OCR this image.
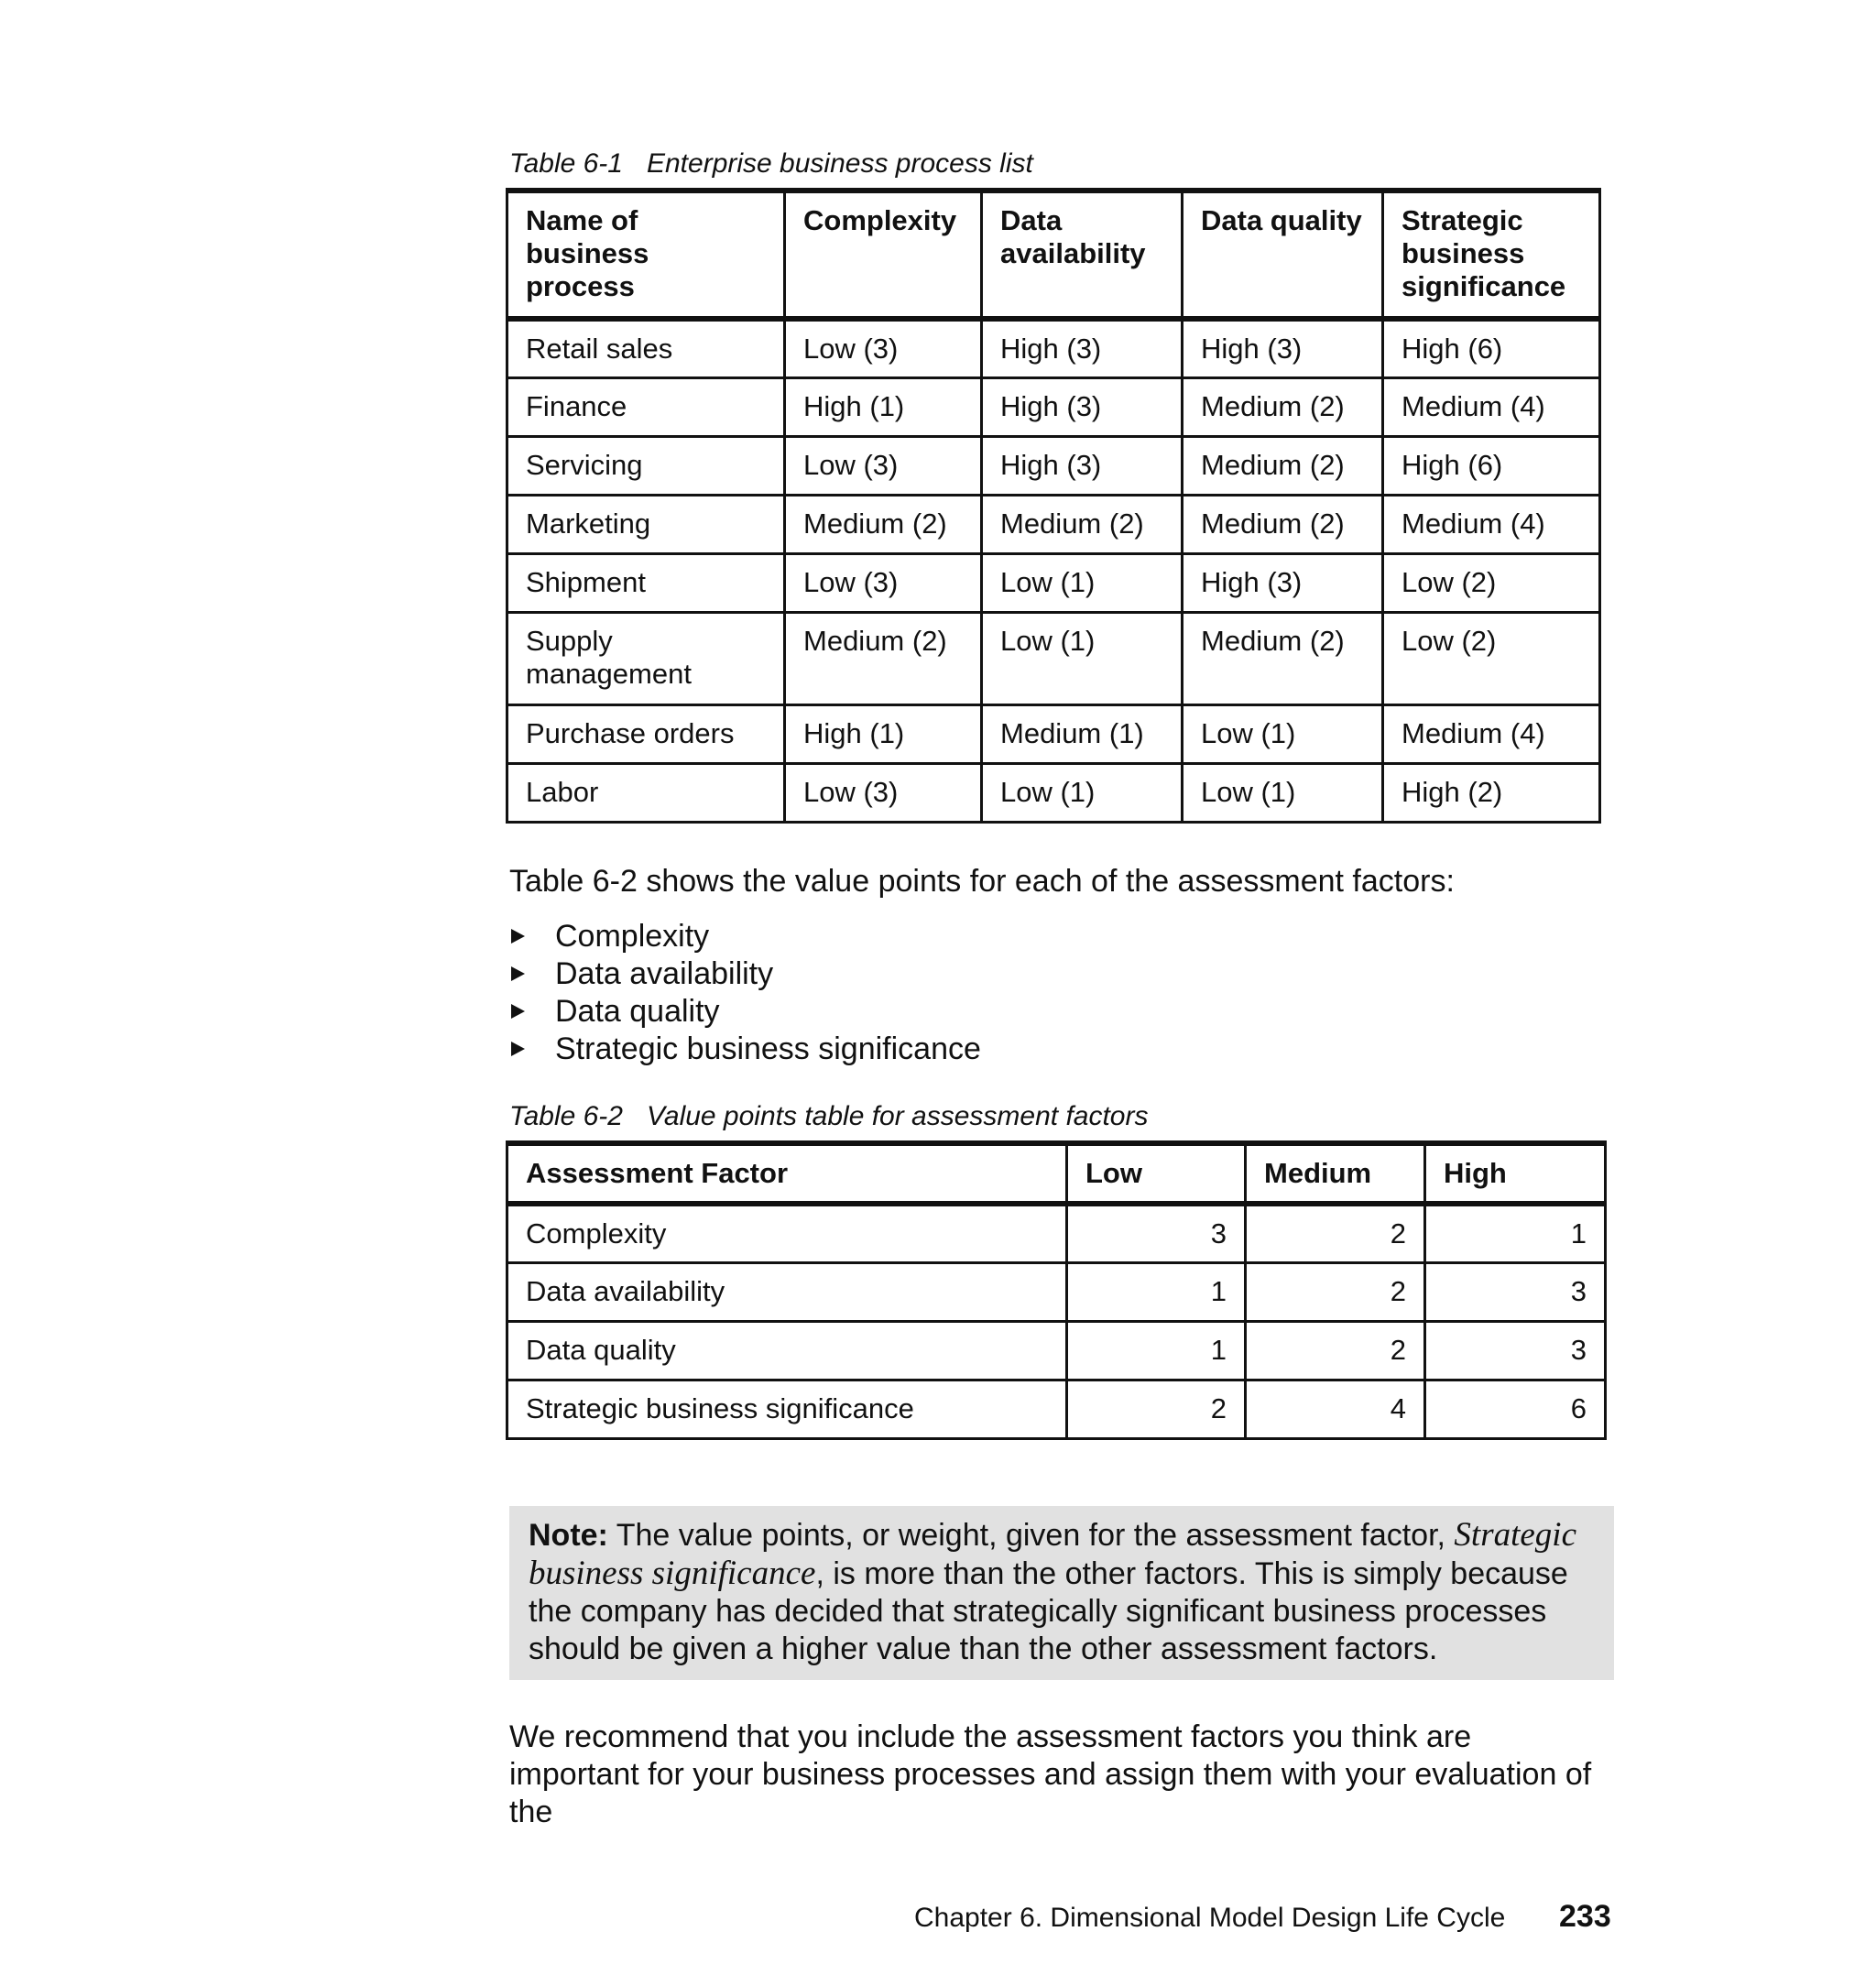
Table 6-1 Enterprise business process list
Name of business process	Complexity	Data availability	Data quality	Strategic business significance
Retail sales	Low (3)	High (3)	High (3)	High (6)
Finance	High (1)	High (3)	Medium (2)	Medium (4)
Servicing	Low (3)	High (3)	Medium (2)	High (6)
Marketing	Medium (2)	Medium (2)	Medium (2)	Medium (4)
Shipment	Low (3)	Low (1)	High (3)	Low (2)
Supply management	Medium (2)	Low (1)	Medium (2)	Low (2)
Purchase orders	High (1)	Medium (1)	Low (1)	Medium (4)
Labor	Low (3)	Low (1)	Low (1)	High (2)
Table 6-2 shows the value points for each of the assessment factors:
Complexity
Data availability
Data quality
Strategic business significance
Table 6-2 Value points table for assessment factors
Assessment Factor	Low	Medium	High
Complexity	3	2	1
Data availability	1	2	3
Data quality	1	2	3
Strategic business significance	2	4	6
Note: The value points, or weight, given for the assessment factor, Strategic business significance, is more than the other factors. This is simply because the company has decided that strategically significant business processes should be given a higher value than the other assessment factors.
We recommend that you include the assessment factors you think are important for your business processes and assign them with your evaluation of the
Chapter 6. Dimensional Model Design Life Cycle 233
